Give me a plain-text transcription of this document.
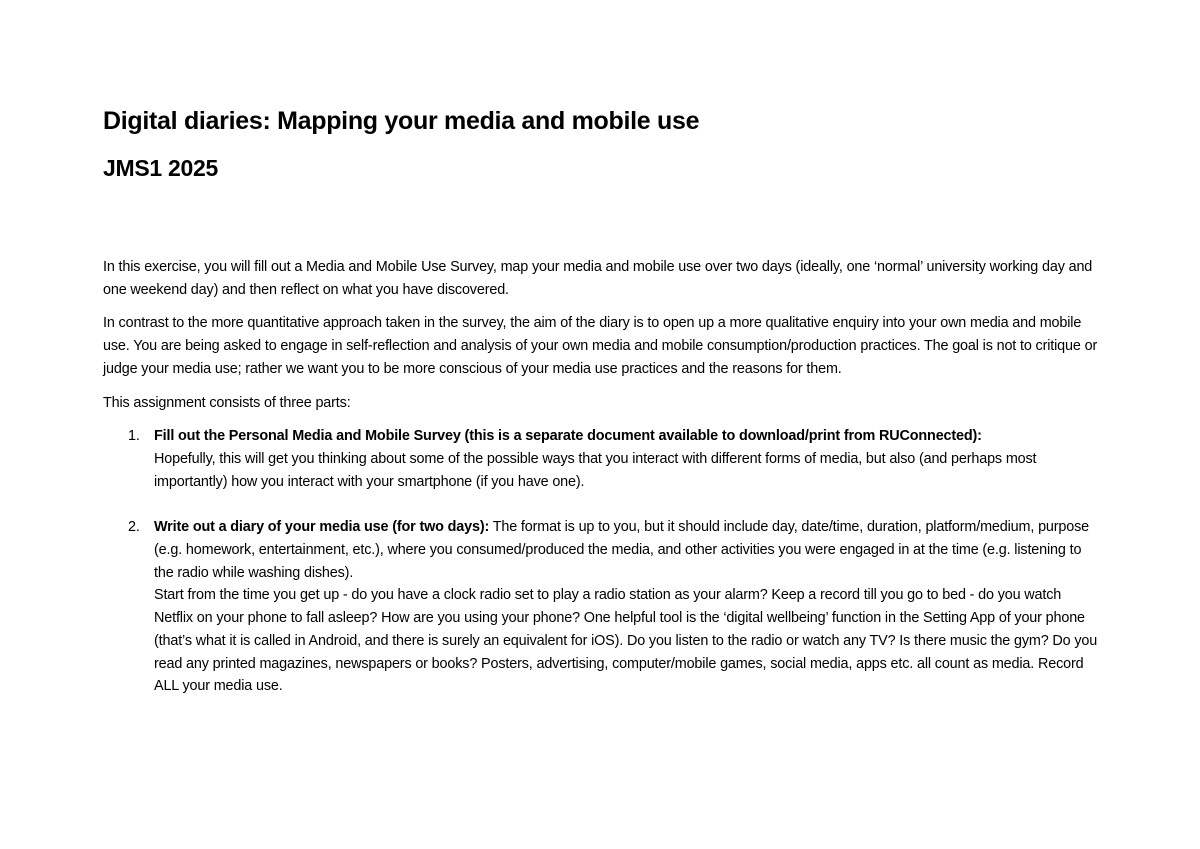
Digital diaries: Mapping your media and mobile use
JMS1 2025

In this exercise, you will fill out a Media and Mobile Use Survey, map your media and mobile use over two days (ideally, one ‘normal’ university working day and one weekend day) and then reflect on what you have discovered.

In contrast to the more quantitative approach taken in the survey, the aim of the diary is to open up a more qualitative enquiry into your own media and mobile use. You are being asked to engage in self-reflection and analysis of your own media and mobile consumption/production practices. The goal is not to critique or judge your media use; rather we want you to be more conscious of your media use practices and the reasons for them.

This assignment consists of three parts:

1. Fill out the Personal Media and Mobile Survey (this is a separate document available to download/print from RUConnected):
Hopefully, this will get you thinking about some of the possible ways that you interact with different forms of media, but also (and perhaps most importantly) how you interact with your smartphone (if you have one).
2. Write out a diary of your media use (for two days): The format is up to you, but it should include day, date/time, duration, platform/medium, purpose (e.g. homework, entertainment, etc.), where you consumed/produced the media, and other activities you were engaged in at the time (e.g. listening to the radio while washing dishes).
Start from the time you get up - do you have a clock radio set to play a radio station as your alarm? Keep a record till you go to bed - do you watch Netflix on your phone to fall asleep? How are you using your phone? One helpful tool is the ‘digital wellbeing’ function in the Setting App of your phone (that’s what it is called in Android, and there is surely an equivalent for iOS). Do you listen to the radio or watch any TV? Is there music the gym? Do you read any printed magazines, newspapers or books? Posters, advertising, computer/mobile games, social media, apps etc. all count as media. Record ALL your media use.
